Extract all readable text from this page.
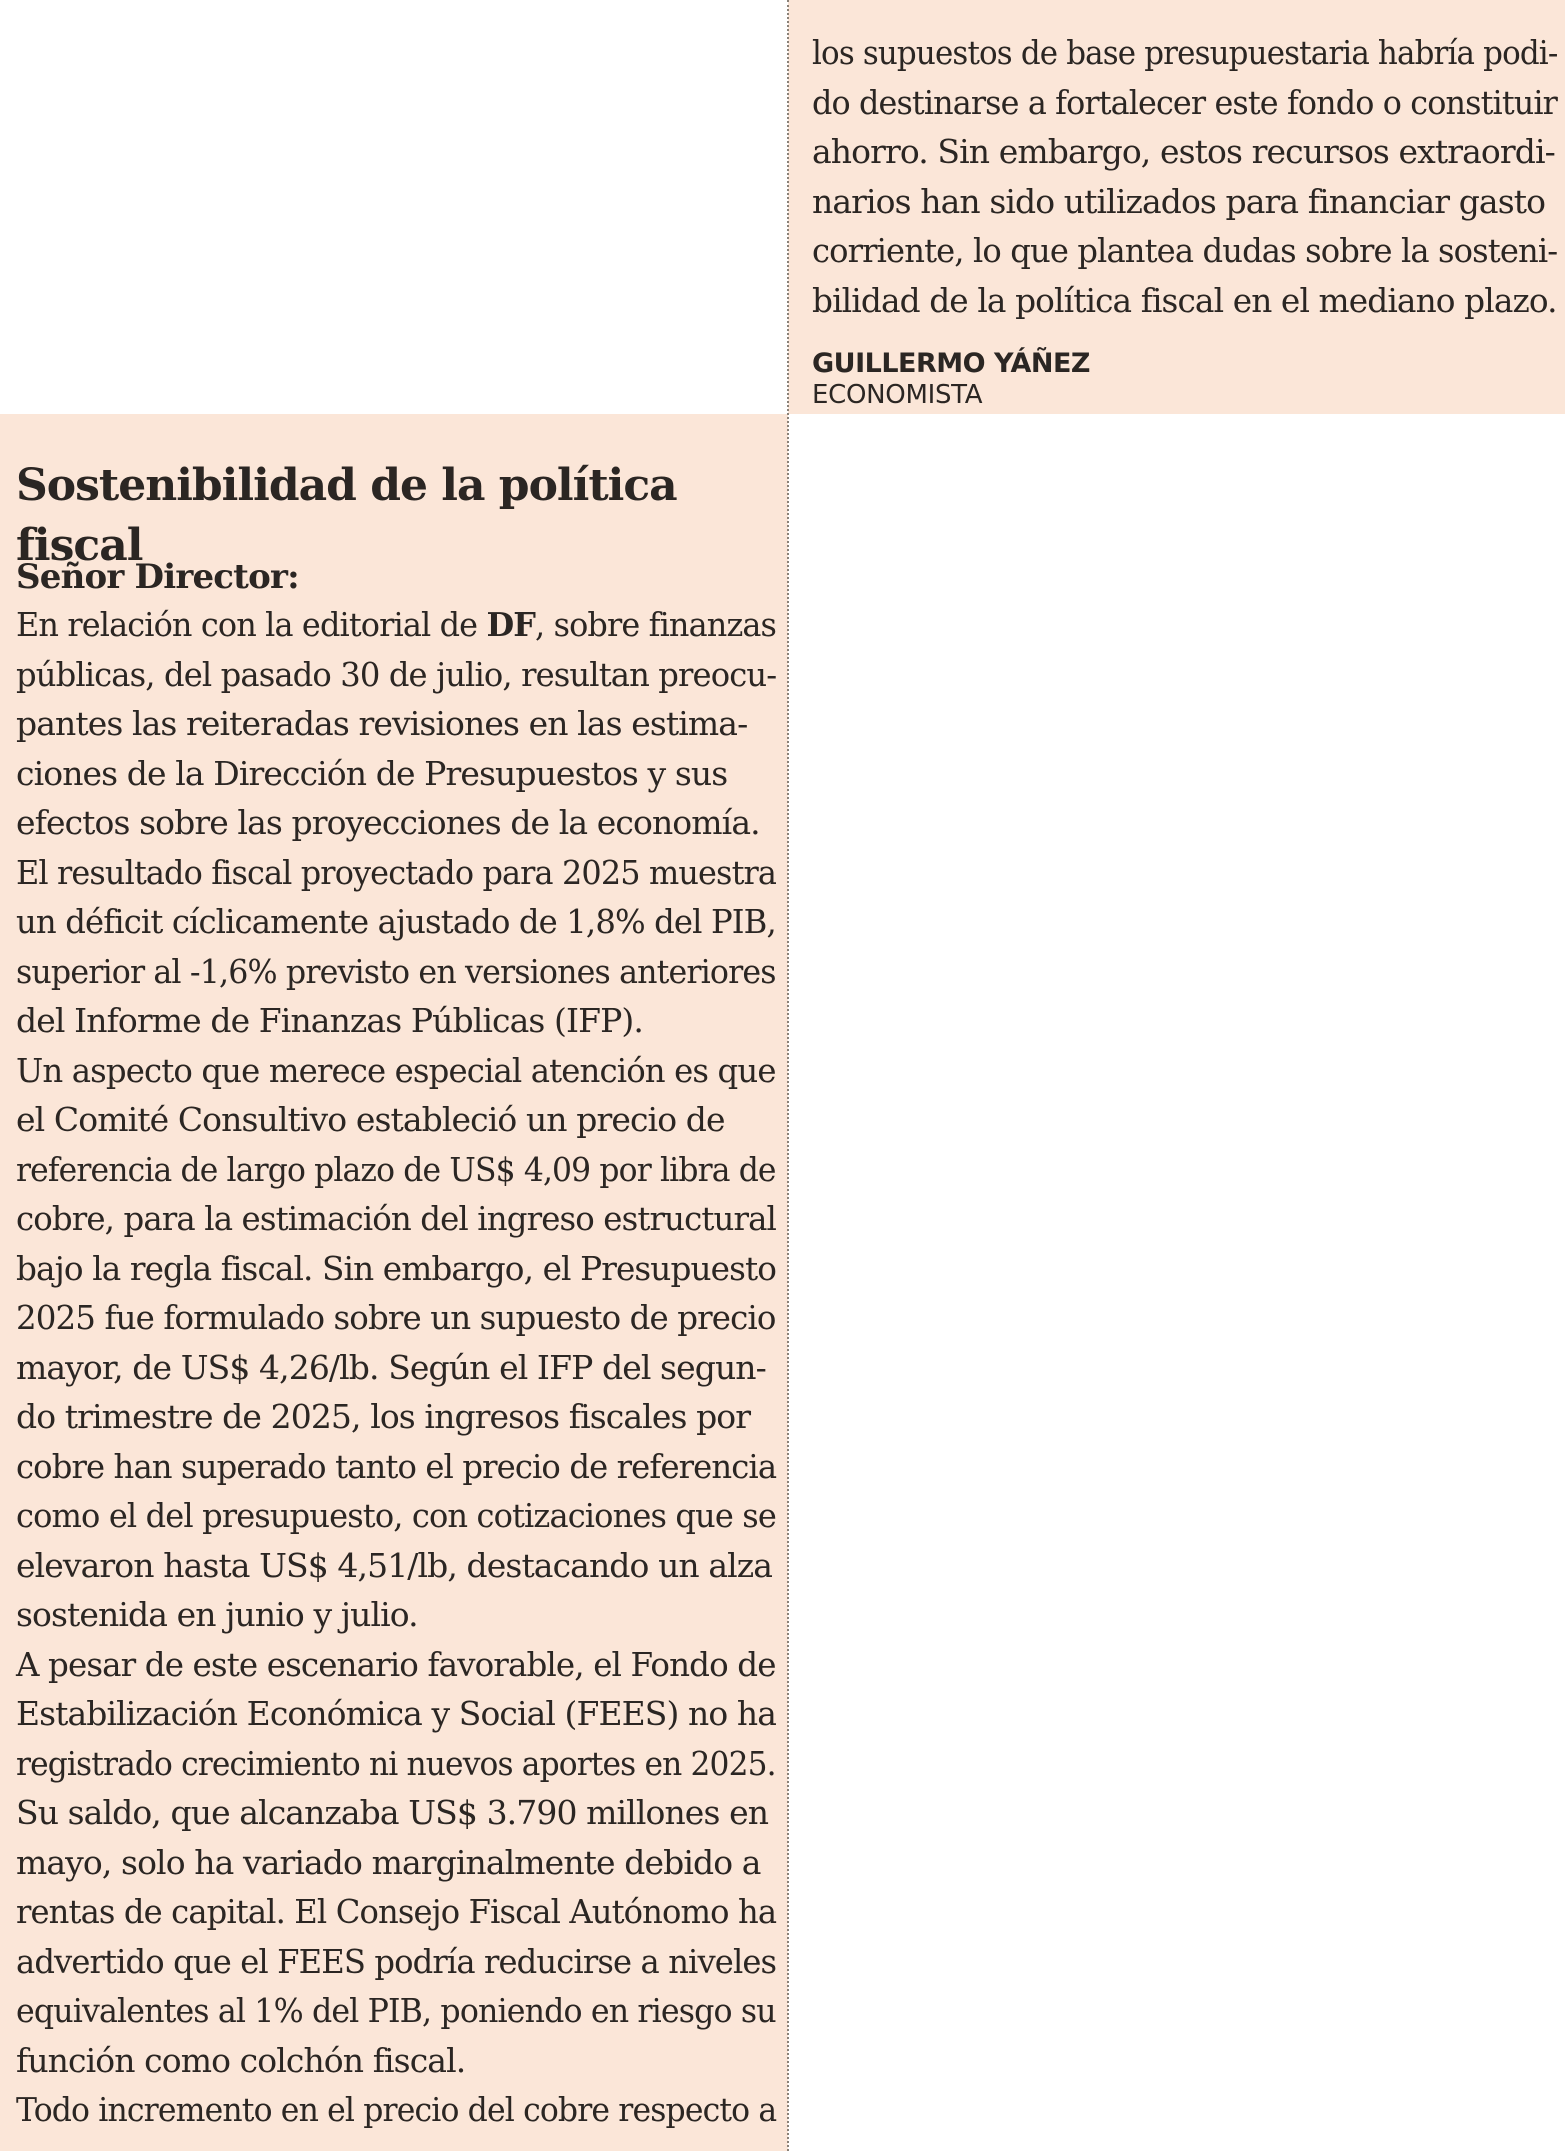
los supuestos de base presupuestaria habría podi-
do destinarse a fortalecer este fondo o constituir
ahorro. Sin embargo, estos recursos extraordi-
narios han sido utilizados para financiar gasto
corriente, lo que plantea dudas sobre la sosteni-
bilidad de la política fiscal en el mediano plazo.
GUILLERMO YÁÑEZ
ECONOMISTA
Sostenibilidad de la política fiscal

Señor Director:

En relación con la editorial de DF, sobre finanzas
públicas, del pasado 30 de julio, resultan preocu-
pantes las reiteradas revisiones en las estima-
ciones de la Dirección de Presupuestos y sus
efectos sobre las proyecciones de la economía.
El resultado fiscal proyectado para 2025 muestra
un déficit cíclicamente ajustado de 1,8% del PIB,
superior al -1,6% previsto en versiones anteriores
del Informe de Finanzas Públicas (IFP).
Un aspecto que merece especial atención es que
el Comité Consultivo estableció un precio de
referencia de largo plazo de US$ 4,09 por libra de
cobre, para la estimación del ingreso estructural
bajo la regla fiscal. Sin embargo, el Presupuesto
2025 fue formulado sobre un supuesto de precio
mayor, de US$ 4,26/lb. Según el IFP del segun-
do trimestre de 2025, los ingresos fiscales por
cobre han superado tanto el precio de referencia
como el del presupuesto, con cotizaciones que se
elevaron hasta US$ 4,51/lb, destacando un alza
sostenida en junio y julio.
A pesar de este escenario favorable, el Fondo de
Estabilización Económica y Social (FEES) no ha
registrado crecimiento ni nuevos aportes en 2025.
Su saldo, que alcanzaba US$ 3.790 millones en
mayo, solo ha variado marginalmente debido a
rentas de capital. El Consejo Fiscal Autónomo ha
advertido que el FEES podría reducirse a niveles
equivalentes al 1% del PIB, poniendo en riesgo su
función como colchón fiscal.
Todo incremento en el precio del cobre respecto a
